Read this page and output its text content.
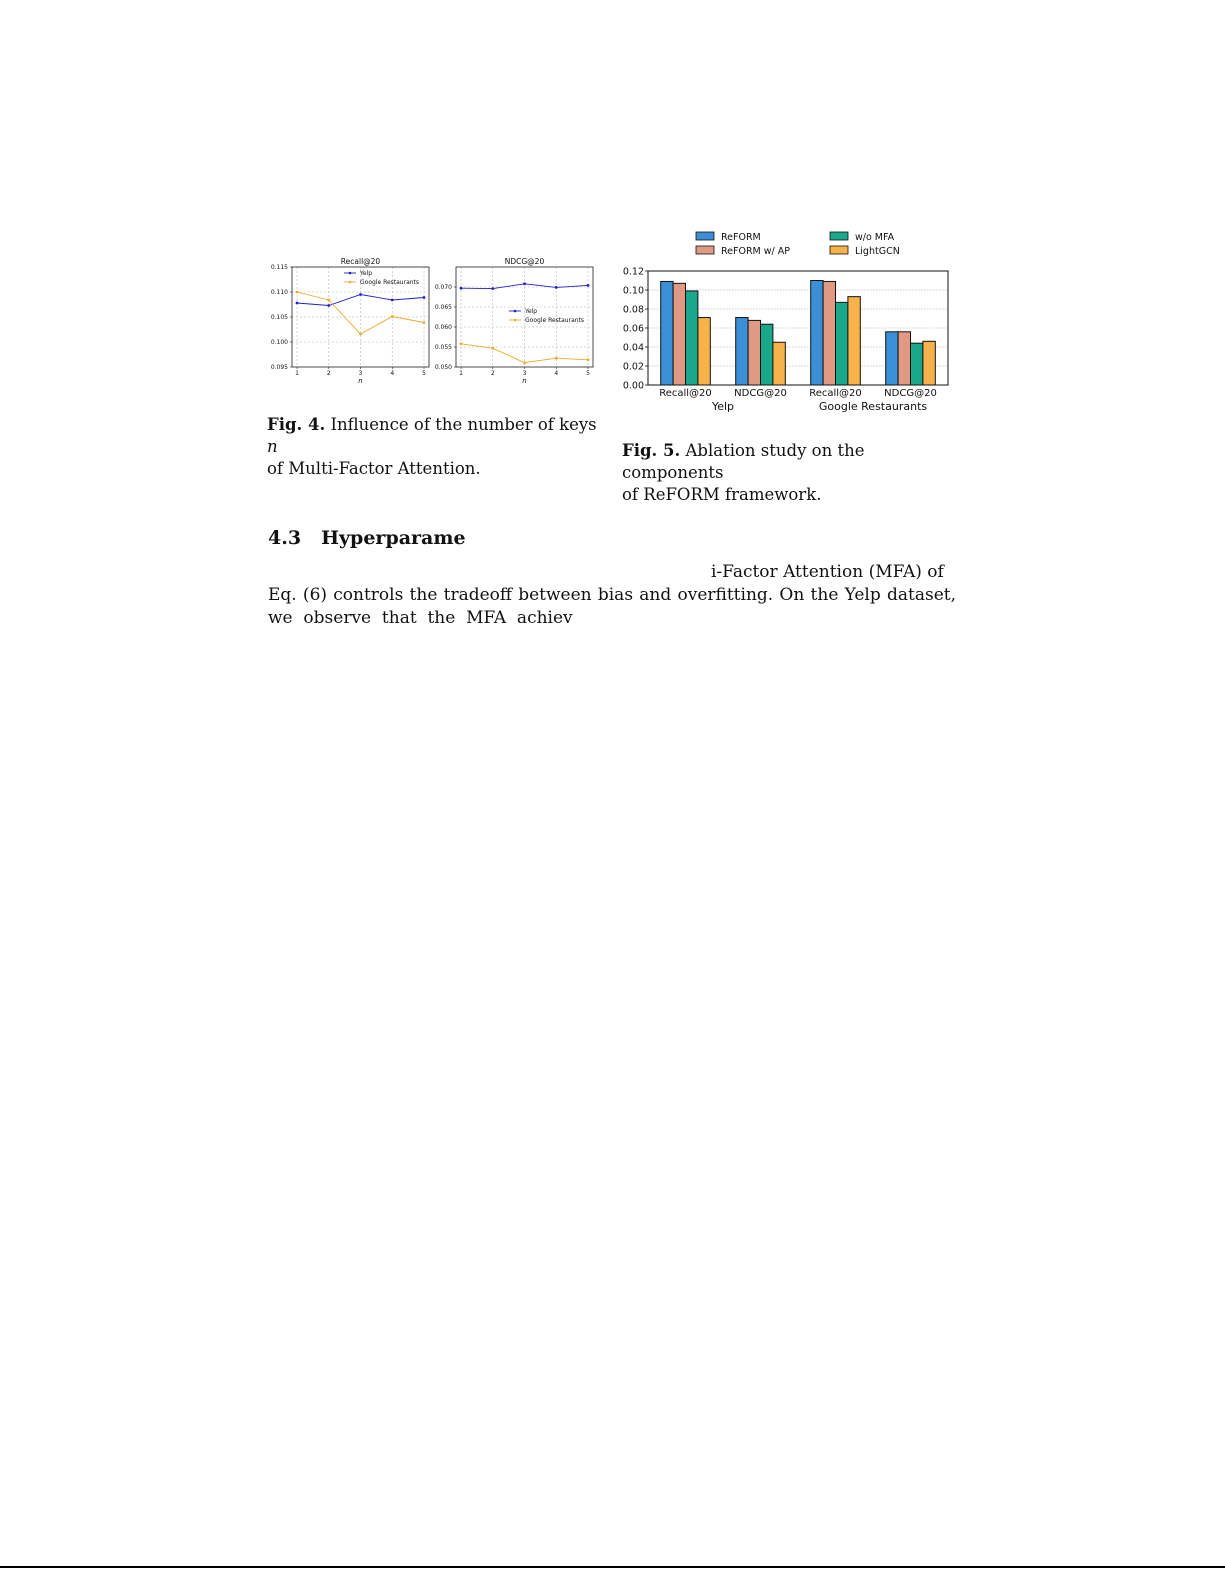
Recall@20
0.095
0.100
0.105
0.110
0.115
1	2	3	4	5
n
Yelp
Google Restaurants
NDCG@20
0.050
0.055
0.060
0.065
0.070
1	2	3	4	5
n
Yelp
Google Restaurants
Fig. 4. Influence of the number of keys n
of Multi-Factor Attention.
Recall@20 NDCG@20 Recall@20 NDCG@20
0.00
0.02
0.04
0.06
0.08
0.10
0.12
Yelp	Google Restaurants
ReFORM
ReFORM w/ AP
w/o MFA
LightGCN
Fig. 5. Ablation study on the components
of ReFORM framework.
4.3 Hyperparame
i-Factor Attention (MFA) of
Eq. (6) controls the tradeoff between bias and overfitting. On the Yelp dataset,
we  observe  that  the  MFA  achiev
